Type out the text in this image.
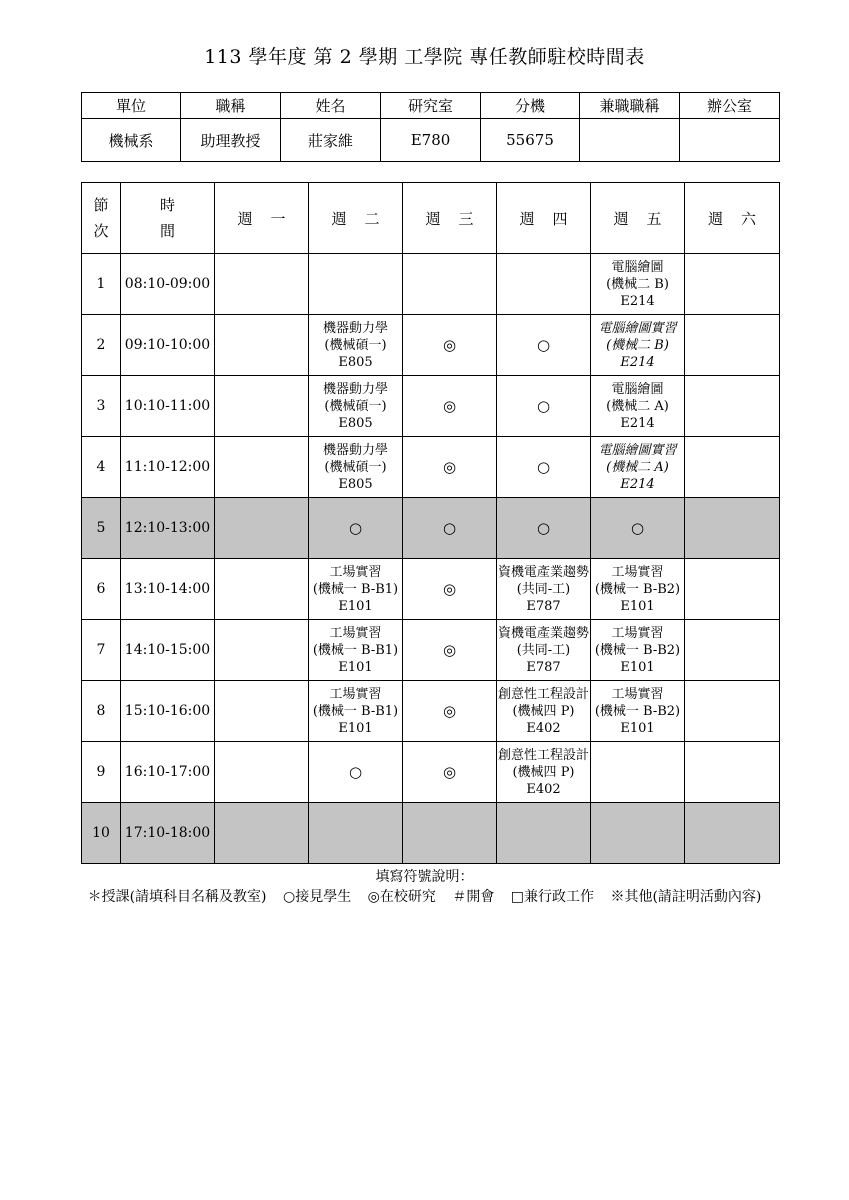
113 學年度 第 2 學期 工學院 專任教師駐校時間表
單位	職稱	姓名	研究室	分機	兼職職稱	辦公室
機械系	助理教授	莊家維	E780	55675		
節
次	時
間	週一	週二	週三	週四	週五	週六
1	08:10-09:00					電腦繪圖
(機械二 B)
E214	

2	09:10-10:00		機器動力學
(機械碩一)
E805	◎	○	電腦繪圖實習
(機械二 B)
E214	

3	10:10-11:00		機器動力學
(機械碩一)
E805	◎	○	電腦繪圖
(機械二 A)
E214	

4	11:10-12:00		機器動力學
(機械碩一)
E805	◎	○	電腦繪圖實習
(機械二 A)
E214	

5	12:10-13:00		○	○	○	○	

6	13:10-14:00		工場實習
(機械一 B-B1)
E101	◎	資機電產業趨勢
(共同-工)
E787	工場實習
(機械一 B-B2)
E101	

7	14:10-15:00		工場實習
(機械一 B-B1)
E101	◎	資機電產業趨勢
(共同-工)
E787	工場實習
(機械一 B-B2)
E101	

8	15:10-16:00		工場實習
(機械一 B-B1)
E101	◎	創意性工程設計
(機械四 P)
E402	工場實習
(機械一 B-B2)
E101	

9	16:10-17:00		○	◎	創意性工程設計
(機械四 P)
E402		

10	17:10-18:00						
填寫符號說明：
＊授課(請填科目名稱及教室) ○接見學生 ◎在校研究 ＃開會 □兼行政工作 ※其他(請註明活動內容)
